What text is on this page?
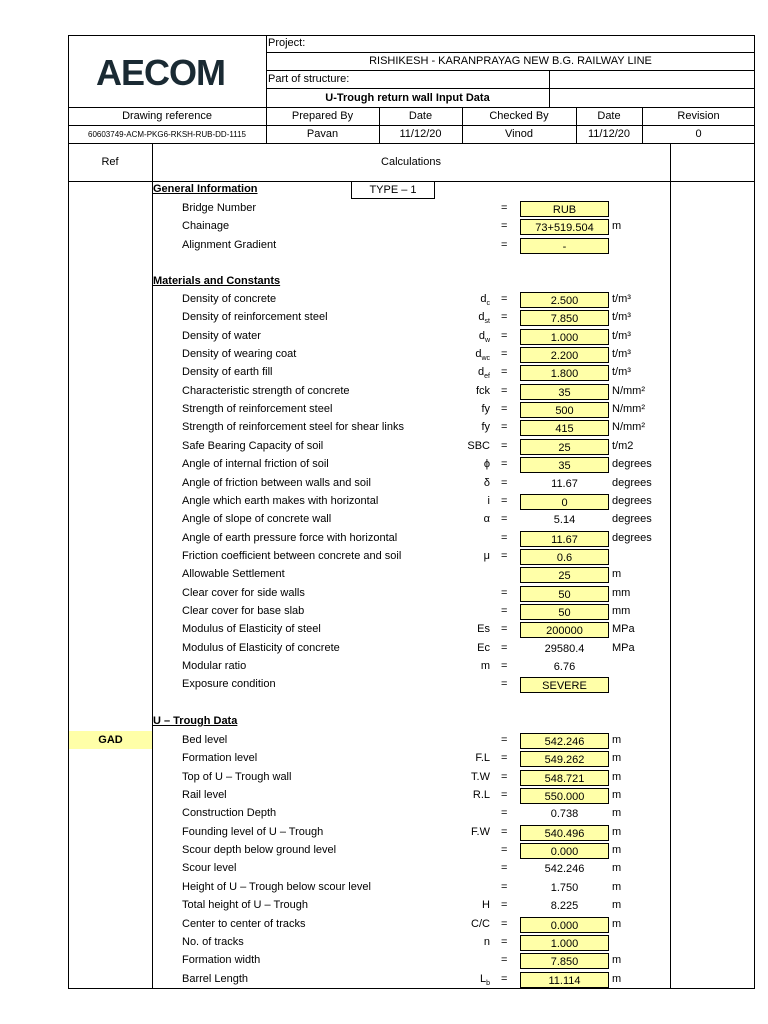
AECOM
Project:
RISHIKESH - KARANPRAYAG NEW B.G. RAILWAY LINE
Part of structure:
U-Trough return wall Input Data
Drawing reference	Prepared By	Date	Checked By	Date	Revision
60603749-ACM-PKG6-RKSH-RUB-DD-1115	Pavan	11/12/20	Vinod	11/12/20	0
Ref	Calculations
General Information	TYPE – 1
Bridge Number	=	RUB
Chainage	=	73+519.504	m
Alignment Gradient	=	-
Materials and Constants
Density of concrete	$d_c$ =	2.500	t/m³
Density of reinforcement steel	$d_{st}$ =	7.850	t/m³
Density of water	$d_w$ =	1.000	t/m³
Density of wearing coat	$d_{wc}$ =	2.200	t/m³
Density of earth fill	$d_{ef}$ =	1.800	t/m³
Characteristic strength of concrete	fck =	35	N/mm²
Strength of reinforcement steel	fy =	500	N/mm²
Strength of reinforcement steel for shear links	fy =	415	N/mm²
Safe Bearing Capacity of soil	SBC =	25	t/m2
Angle of internal friction of soil	ϕ =	35	degrees
Angle of friction between walls and soil	δ =	11.67	degrees
Angle which earth makes with horizontal	i =	0	degrees
Angle of slope of concrete wall	α =	5.14	degrees
Angle of earth pressure force with horizontal	=	11.67	degrees
Friction coefficient between concrete and soil	μ =	0.6
Allowable Settlement	25	m
Clear cover for side walls	=	50	mm
Clear cover for base slab	=	50	mm
Modulus of Elasticity of steel	Es =	200000	MPa
Modulus of Elasticity of concrete	Ec =	29580.4	MPa
Modular ratio	m =	6.76
Exposure condition	=	SEVERE
U – Trough Data
GAD	Bed level	=	542.246	m
Formation level	F.L =	549.262	m
Top of U – Trough wall	T.W =	548.721	m
Rail level	R.L =	550.000	m
Construction Depth	=	0.738	m
Founding level of U – Trough	F.W =	540.496	m
Scour depth below ground level	=	0.000	m
Scour level	=	542.246	m
Height of U – Trough below scour level	=	1.750	m
Total height of U – Trough	H =	8.225	m
Center to center of tracks	C/C =	0.000	m
No. of tracks	n =	1.000
Formation width	=	7.850	m
Barrel Length	$L_b$ =	11.114	m
